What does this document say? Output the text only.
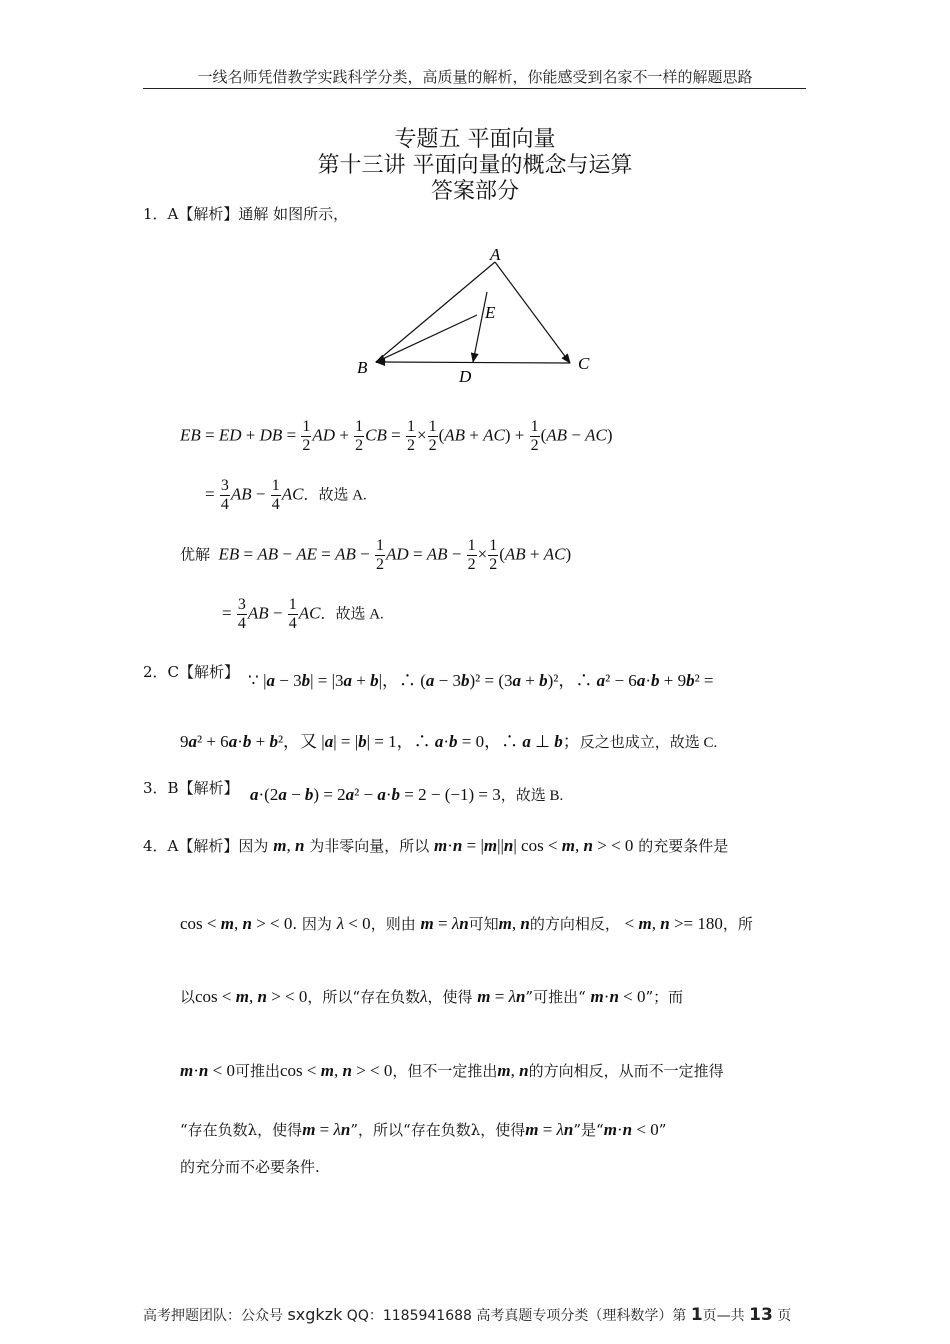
一线名师凭借教学实践科学分类，高质量的解析，你能感受到名家不一样的解题思路
专题五 平面向量
第十三讲 平面向量的概念与运算
答案部分
1．A【解析】通解 如图所示，
A
B	C
D
E
EB = ED + DB = $\frac{1}{2}$ AD + $\frac{1}{2}$ CB = $\frac{1}{2} \times \frac{1}{2} (AB + AC) + \frac{1}{2} (AB - AC)$
= $\frac{3}{4}$ AB − $\frac{1}{4}$ AC．故选 A.
优解 EB = AB − AE = AB − $\frac{1}{2}$ AD = AB − $\frac{1}{2} \times \frac{1}{2} (AB + AC)$
= $\frac{3}{4}$ AB − $\frac{1}{4}$ AC．故选 A.
2．C【解析】 ∵ |a − 3b| = |3a + b|，∴ (a − 3b)² = (3a + b)²，∴ a² − 6a·b + 9b² =
9a² + 6a·b + b²，又 |a| = |b| = 1，∴ a·b = 0，∴ a ⊥ b；反之也成立，故选 C.
3．B【解析】 a·(2a − b) = 2a² − a·b = 2 − (−1) = 3，故选 B.
4．A【解析】因为 m, n 为非零向量，所以 m·n = |m||n| cos < m, n > < 0 的充要条件是
cos < m, n > < 0. 因为 λ < 0，则由 m = λn可知m, n的方向相反， < m, n >= 180，所
以cos < m, n > < 0，所以“存在负数λ，使得 m = λn”可推出“ m·n < 0”；而
m·n < 0可推出cos < m, n > < 0，但不一定推出m, n的方向相反，从而不一定推得
“存在负数λ，使得m = λn”，所以“存在负数λ，使得m = λn”是“m·n < 0”
的充分而不必要条件.
高考押题团队：公众号 sxgkzk QQ：1185941688 高考真题专项分类（理科数学）第 1页—共 13 页
